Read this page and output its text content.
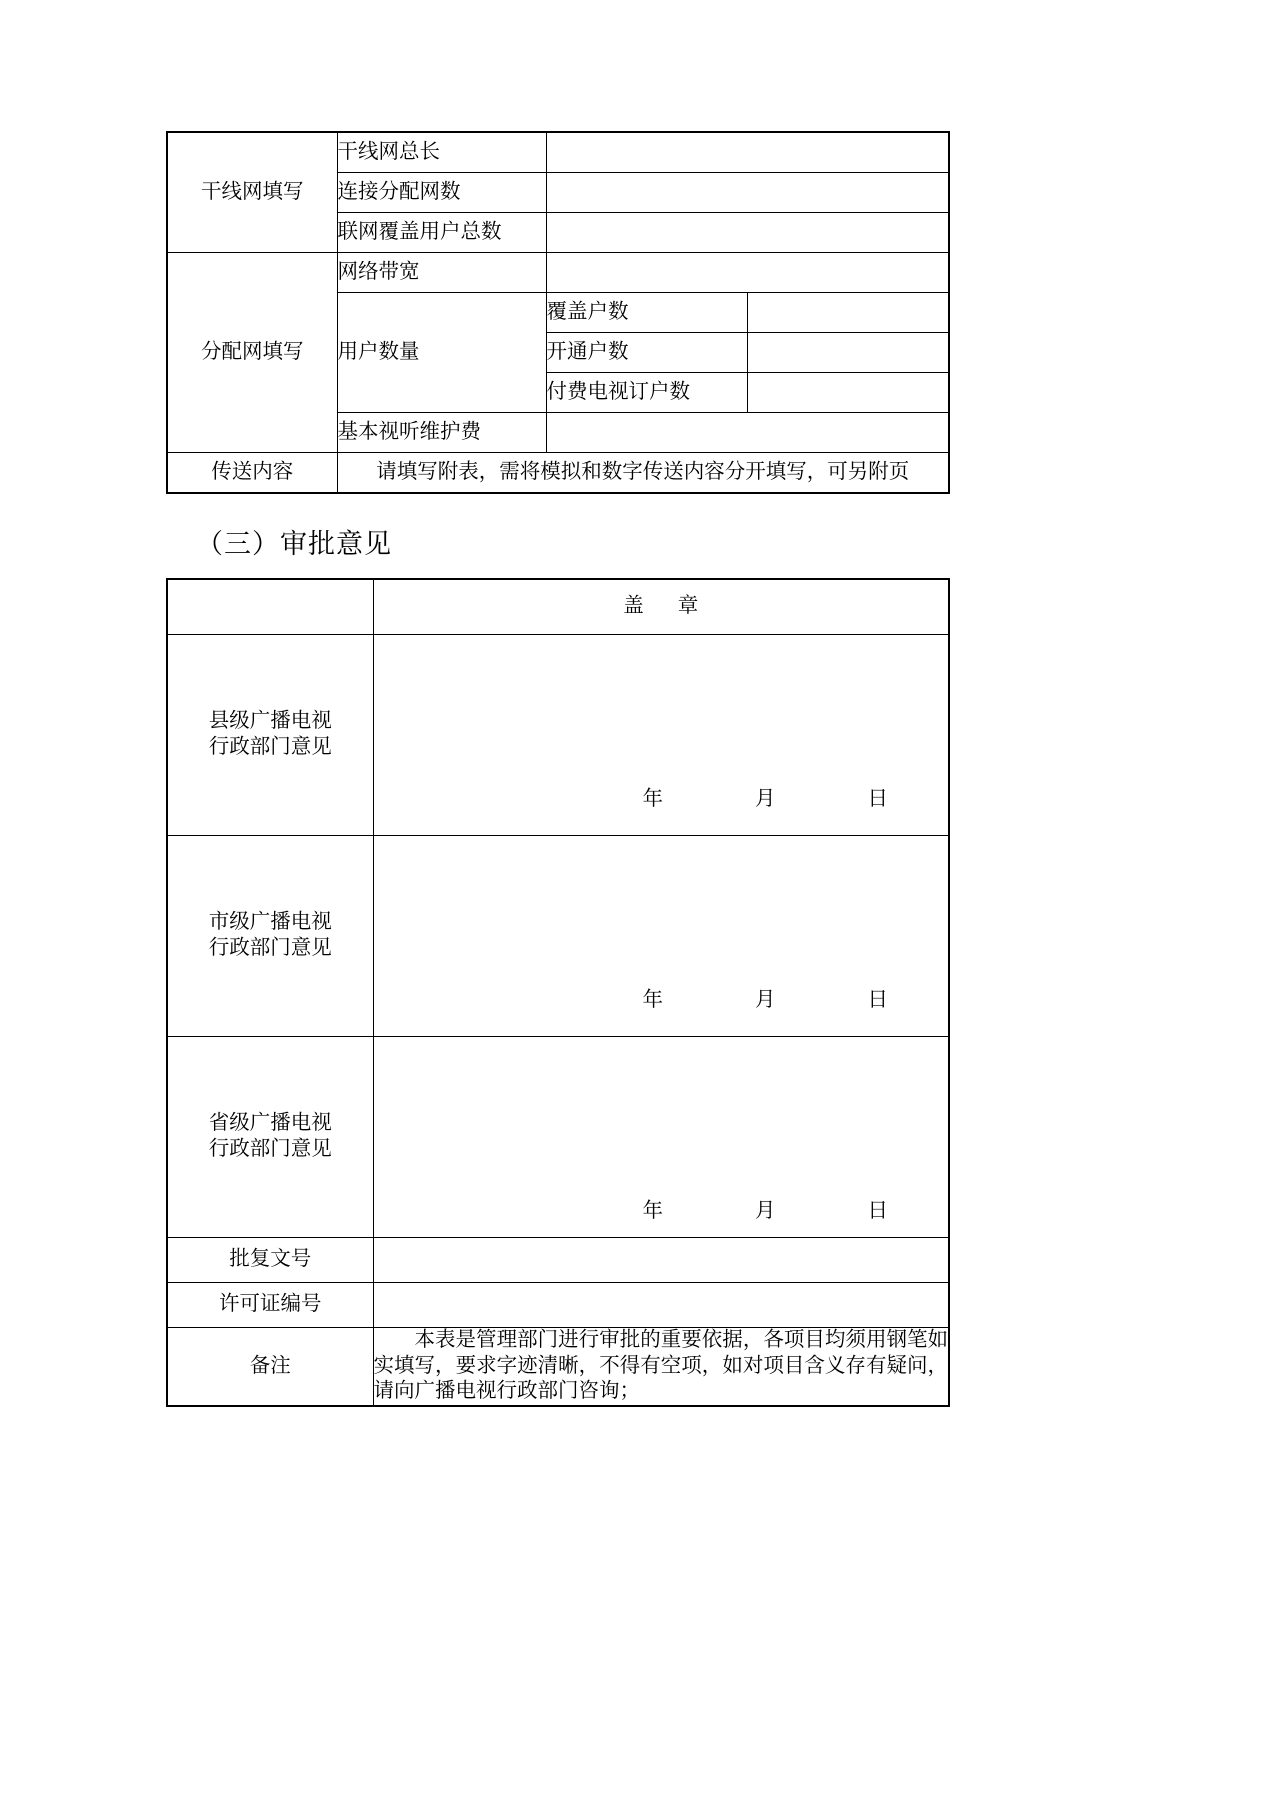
干线网填写	干线网总长		
	连接分配网数		
	联网覆盖用户总数		
分配网填写	网络带宽		
	用户数量	覆盖户数	
		开通户数	
		付费电视订户数	
	基本视听维护费		
传送内容	请填写附表，需将模拟和数字传送内容分开填写，可另附页		
（三）审批意见
	盖 章

县级广播电视
行政部门意见	年 月 日

市级广播电视
行政部门意见	年 月 日

省级广播电视
行政部门意见	年 月 日

批复文号	
许可证编号	
备注	本表是管理部门进行审批的重要依据，各项目均须用钢笔如实填写，要求字迹清晰，不得有空项，如对项目含义存有疑问，请向广播电视行政部门咨询；
